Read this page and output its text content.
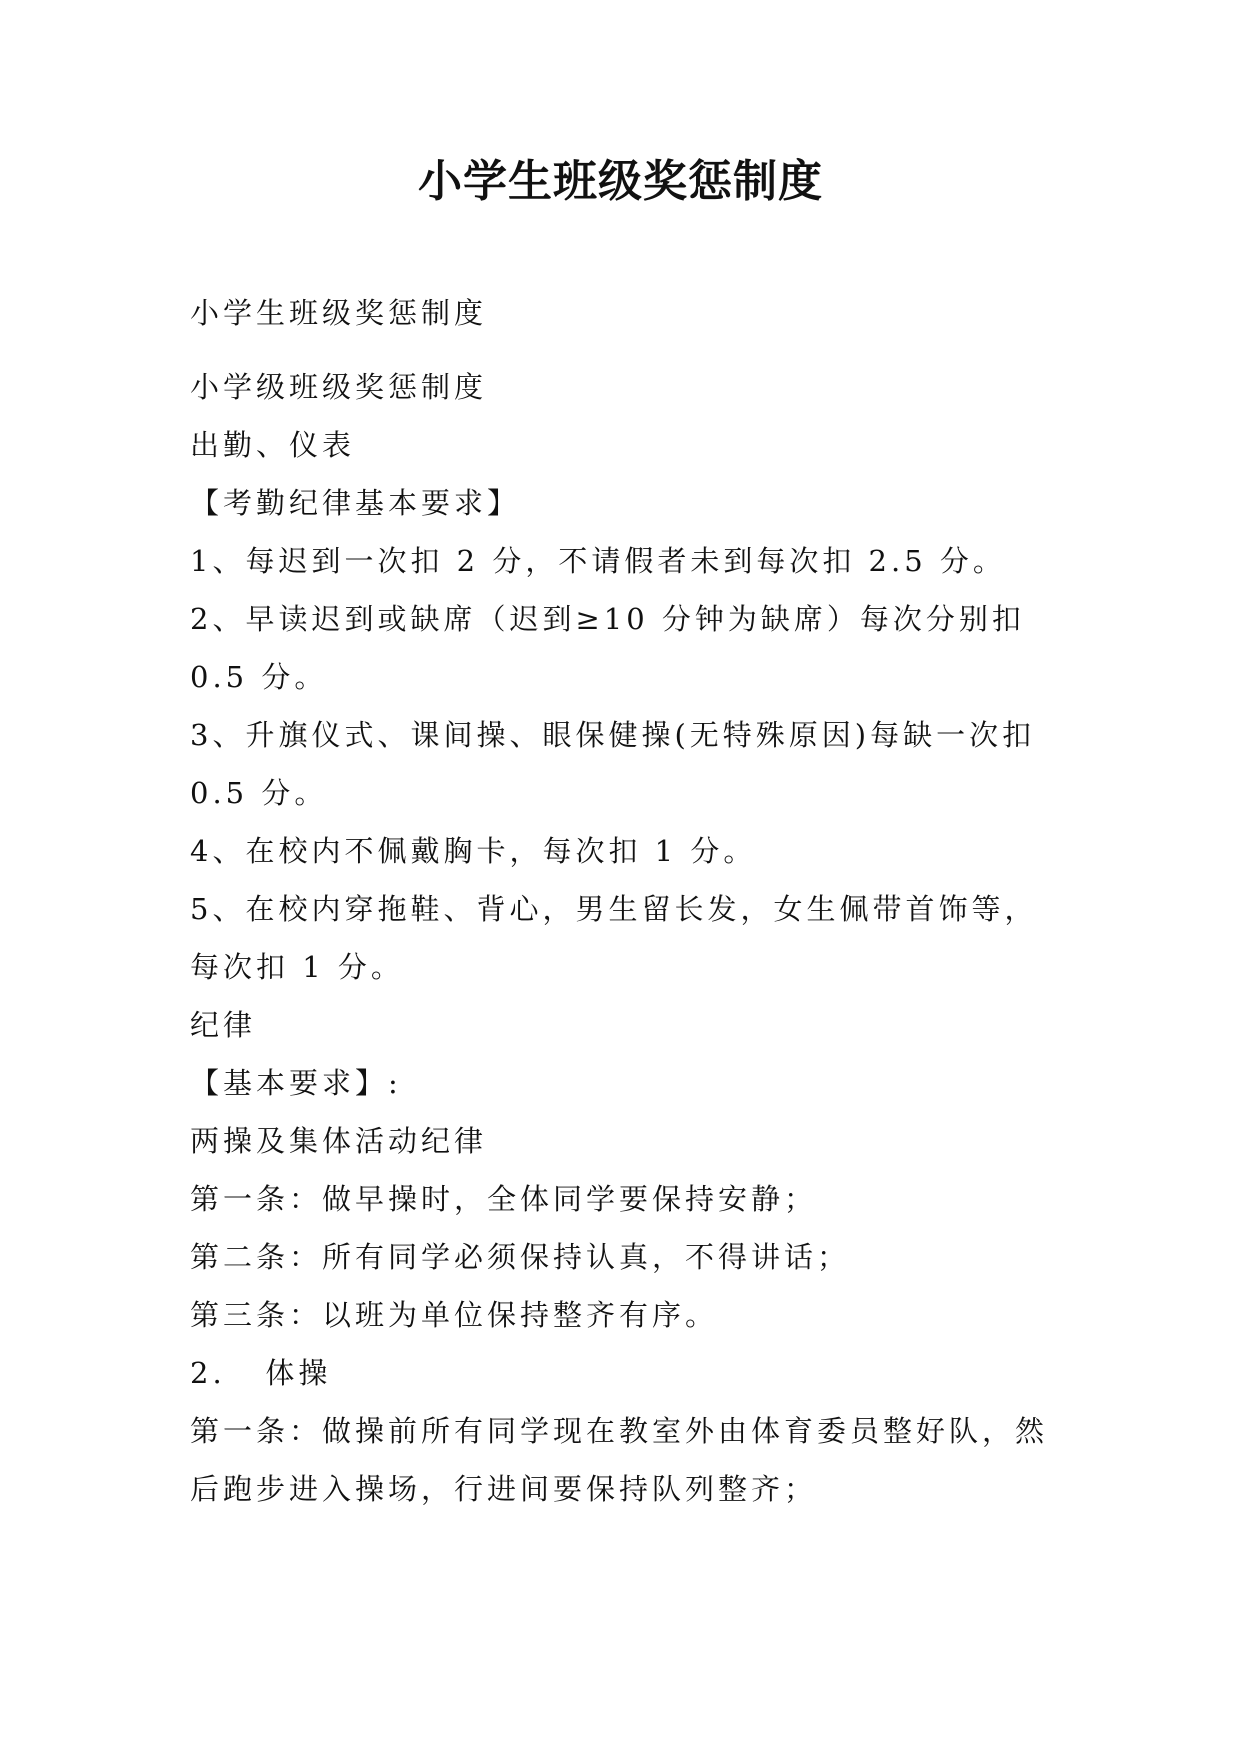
小学生班级奖惩制度

小学生班级奖惩制度

小学级班级奖惩制度

出勤、仪表

【考勤纪律基本要求】

1、每迟到一次扣 2 分，不请假者未到每次扣 2.5 分。

2、早读迟到或缺席（迟到≥10 分钟为缺席）每次分别扣

0.5 分。

3、升旗仪式、课间操、眼保健操(无特殊原因)每缺一次扣

0.5 分。

4、在校内不佩戴胸卡，每次扣 1 分。

5、在校内穿拖鞋、背心，男生留长发，女生佩带首饰等，

每次扣 1 分。

纪律

【基本要求】:

两操及集体活动纪律

第一条：做早操时，全体同学要保持安静；

第二条：所有同学必须保持认真，不得讲话；

第三条：以班为单位保持整齐有序。

2.   体操

第一条：做操前所有同学现在教室外由体育委员整好队，然

后跑步进入操场，行进间要保持队列整齐；
